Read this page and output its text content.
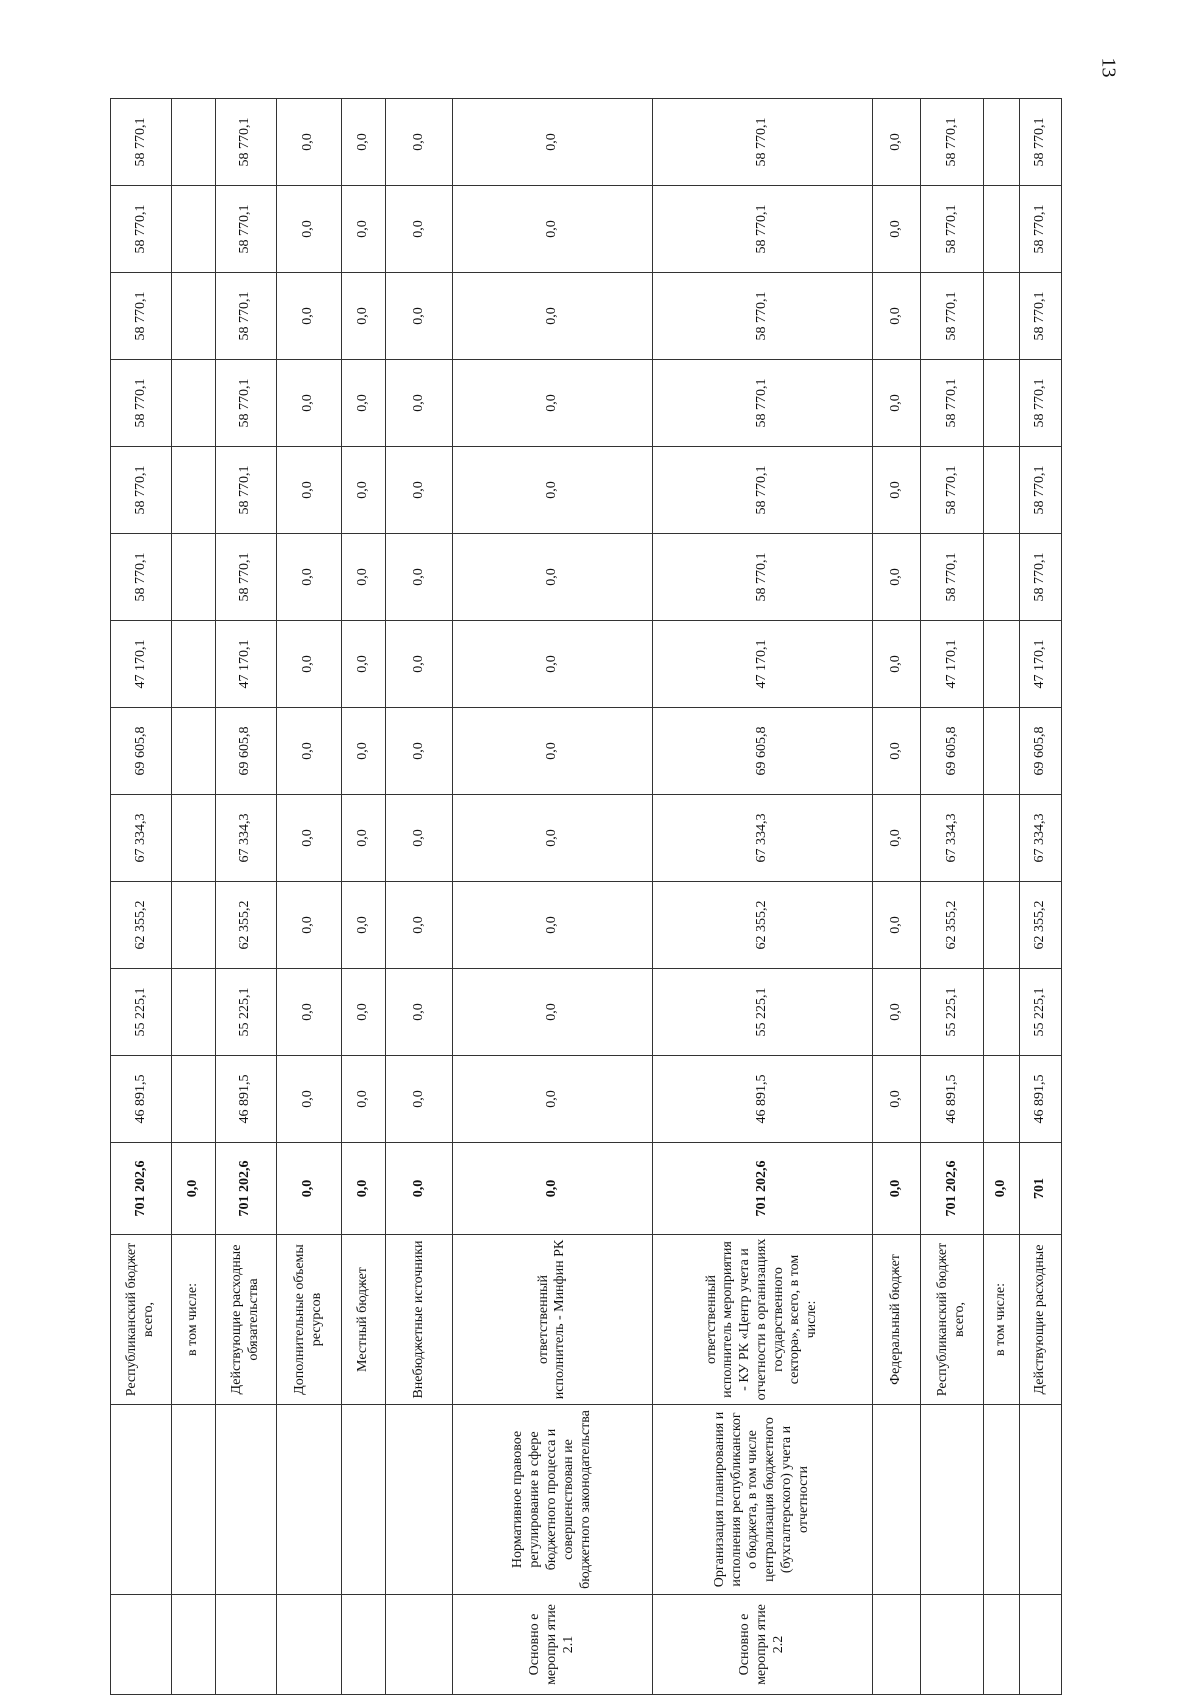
13
		Республиканский бюджет всего,	701 202,6	46 891,5	55 225,1	62 355,2	67 334,3	69 605,8	47 170,1	58 770,1	58 770,1	58 770,1	58 770,1	58 770,1	58 770,1
		в том числе:	0,0												
		Действующие расходные обязательства	701 202,6	46 891,5	55 225,1	62 355,2	67 334,3	69 605,8	47 170,1	58 770,1	58 770,1	58 770,1	58 770,1	58 770,1	58 770,1
		Дополнительные объемы ресурсов	0,0	0,0	0,0	0,0	0,0	0,0	0,0	0,0	0,0	0,0	0,0	0,0	0,0
		Местный бюджет	0,0	0,0	0,0	0,0	0,0	0,0	0,0	0,0	0,0	0,0	0,0	0,0	0,0
		Внебюджетные источники	0,0	0,0	0,0	0,0	0,0	0,0	0,0	0,0	0,0	0,0	0,0	0,0	0,0
Основно е меропри ятие 2.1	Нормативное правовое регулирование в сфере бюджетного процесса и совершенствован ие бюджетного законодательства	ответственный исполнитель - Минфин РК	0,0	0,0	0,0	0,0	0,0	0,0	0,0	0,0	0,0	0,0	0,0	0,0	0,0
Основно е меропри ятие 2.2	Организация планирования и исполнения республиканског о бюджета, в том числе централизация бюджетного (бухгалтерского) учета и отчетности	ответственный исполнитель мероприятия - КУ РК «Центр учета и отчетности в организациях государственного сектора», всего, в том числе:	701 202,6	46 891,5	55 225,1	62 355,2	67 334,3	69 605,8	47 170,1	58 770,1	58 770,1	58 770,1	58 770,1	58 770,1	58 770,1
		Федеральный бюджет	0,0	0,0	0,0	0,0	0,0	0,0	0,0	0,0	0,0	0,0	0,0	0,0	0,0
		Республиканский бюджет всего,	701 202,6	46 891,5	55 225,1	62 355,2	67 334,3	69 605,8	47 170,1	58 770,1	58 770,1	58 770,1	58 770,1	58 770,1	58 770,1
		в том числе:	0,0												
		Действующие расходные	701	46 891,5	55 225,1	62 355,2	67 334,3	69 605,8	47 170,1	58 770,1	58 770,1	58 770,1	58 770,1	58 770,1	58 770,1
